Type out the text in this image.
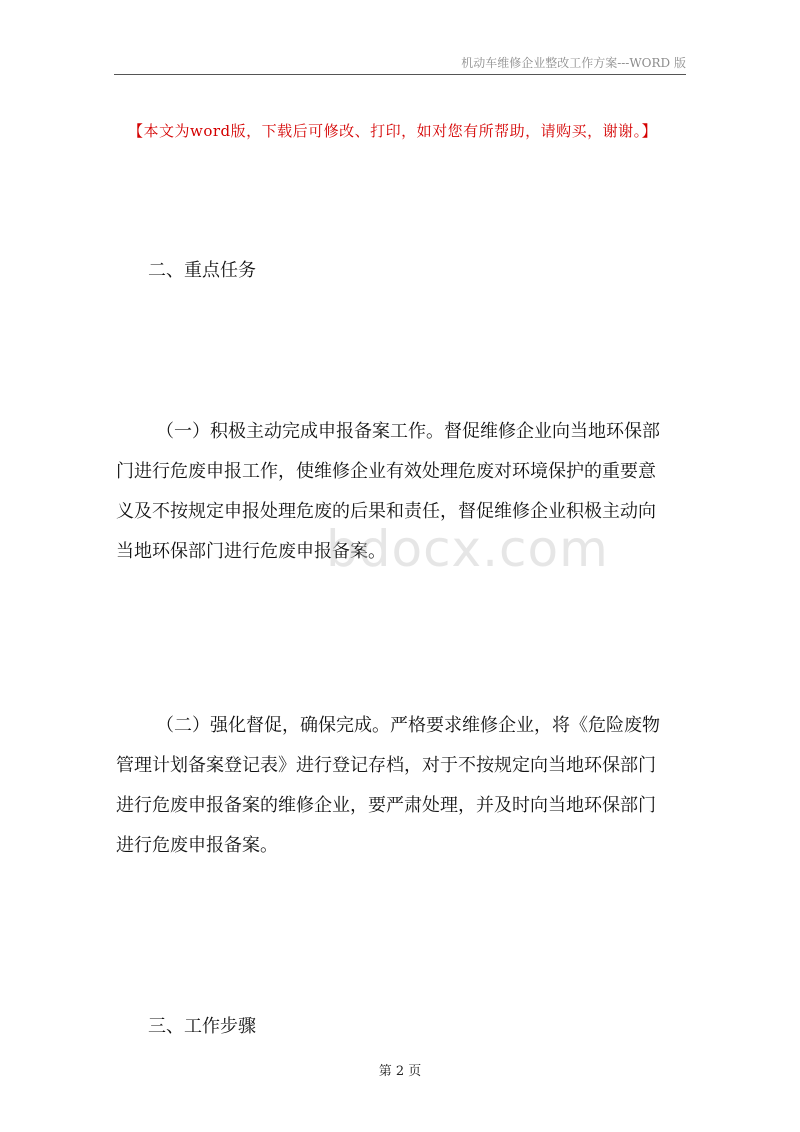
机动车维修企业整改工作方案---WORD 版
【本文为word版，下载后可修改、打印，如对您有所帮助，请购买，谢谢。】
二、重点任务
（一）积极主动完成申报备案工作。督促维修企业向当地环保部
门进行危废申报工作，使维修企业有效处理危废对环境保护的重要意
义及不按规定申报处理危废的后果和责任，督促维修企业积极主动向
当地环保部门进行危废申报备案。
bdocx.com
（二）强化督促，确保完成。严格要求维修企业，将《危险废物
管理计划备案登记表》进行登记存档，对于不按规定向当地环保部门
进行危废申报备案的维修企业，要严肃处理，并及时向当地环保部门
进行危废申报备案。
三、工作步骤
第 2 页
